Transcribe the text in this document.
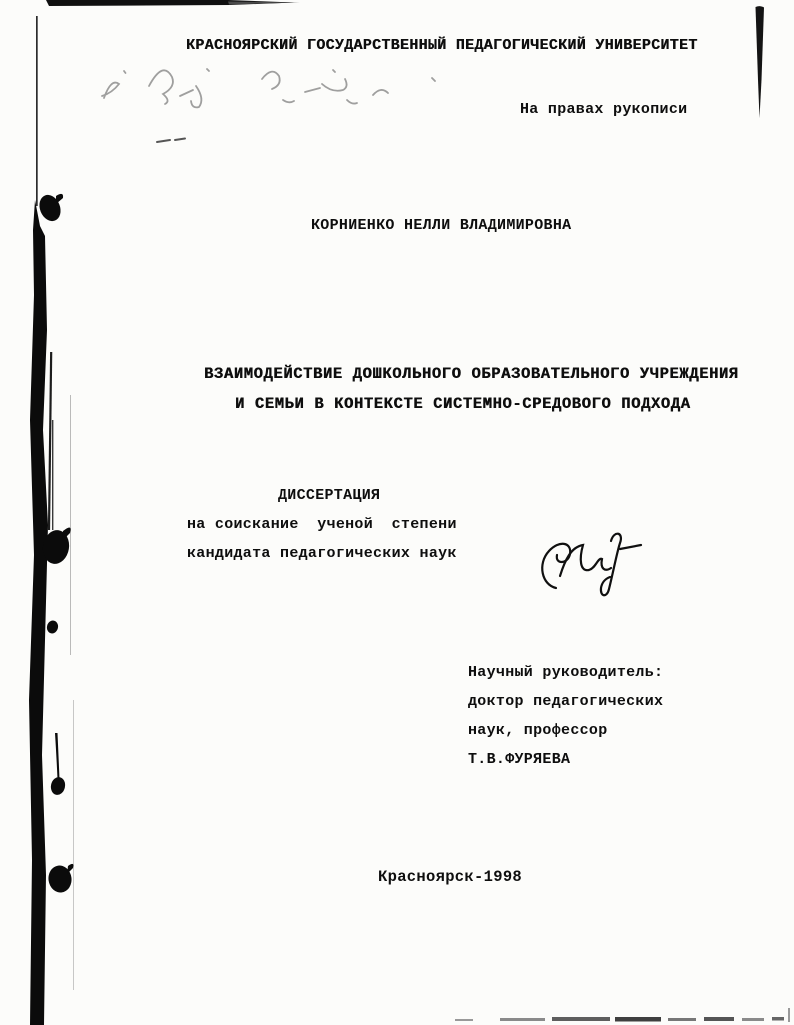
КРАСНОЯРСКИЙ ГОСУДАРСТВЕННЫЙ ПЕДАГОГИЧЕСКИЙ УНИВЕРСИТЕТ
На правах рукописи
КОРНИЕНКО НЕЛЛИ ВЛАДИМИРОВНА
ВЗАИМОДЕЙСТВИЕ ДОШКОЛЬНОГО ОБРАЗОВАТЕЛЬНОГО УЧРЕЖДЕНИЯ
И СЕМЬИ В КОНТЕКСТЕ СИСТЕМНО-СРЕДОВОГО ПОДХОДА
ДИССЕРТАЦИЯ
на соискание  ученой  степени
кандидата педагогических наук
Научный руководитель:
доктор педагогических
наук, профессор
Т.В.ФУРЯЕВА
Красноярск-1998
